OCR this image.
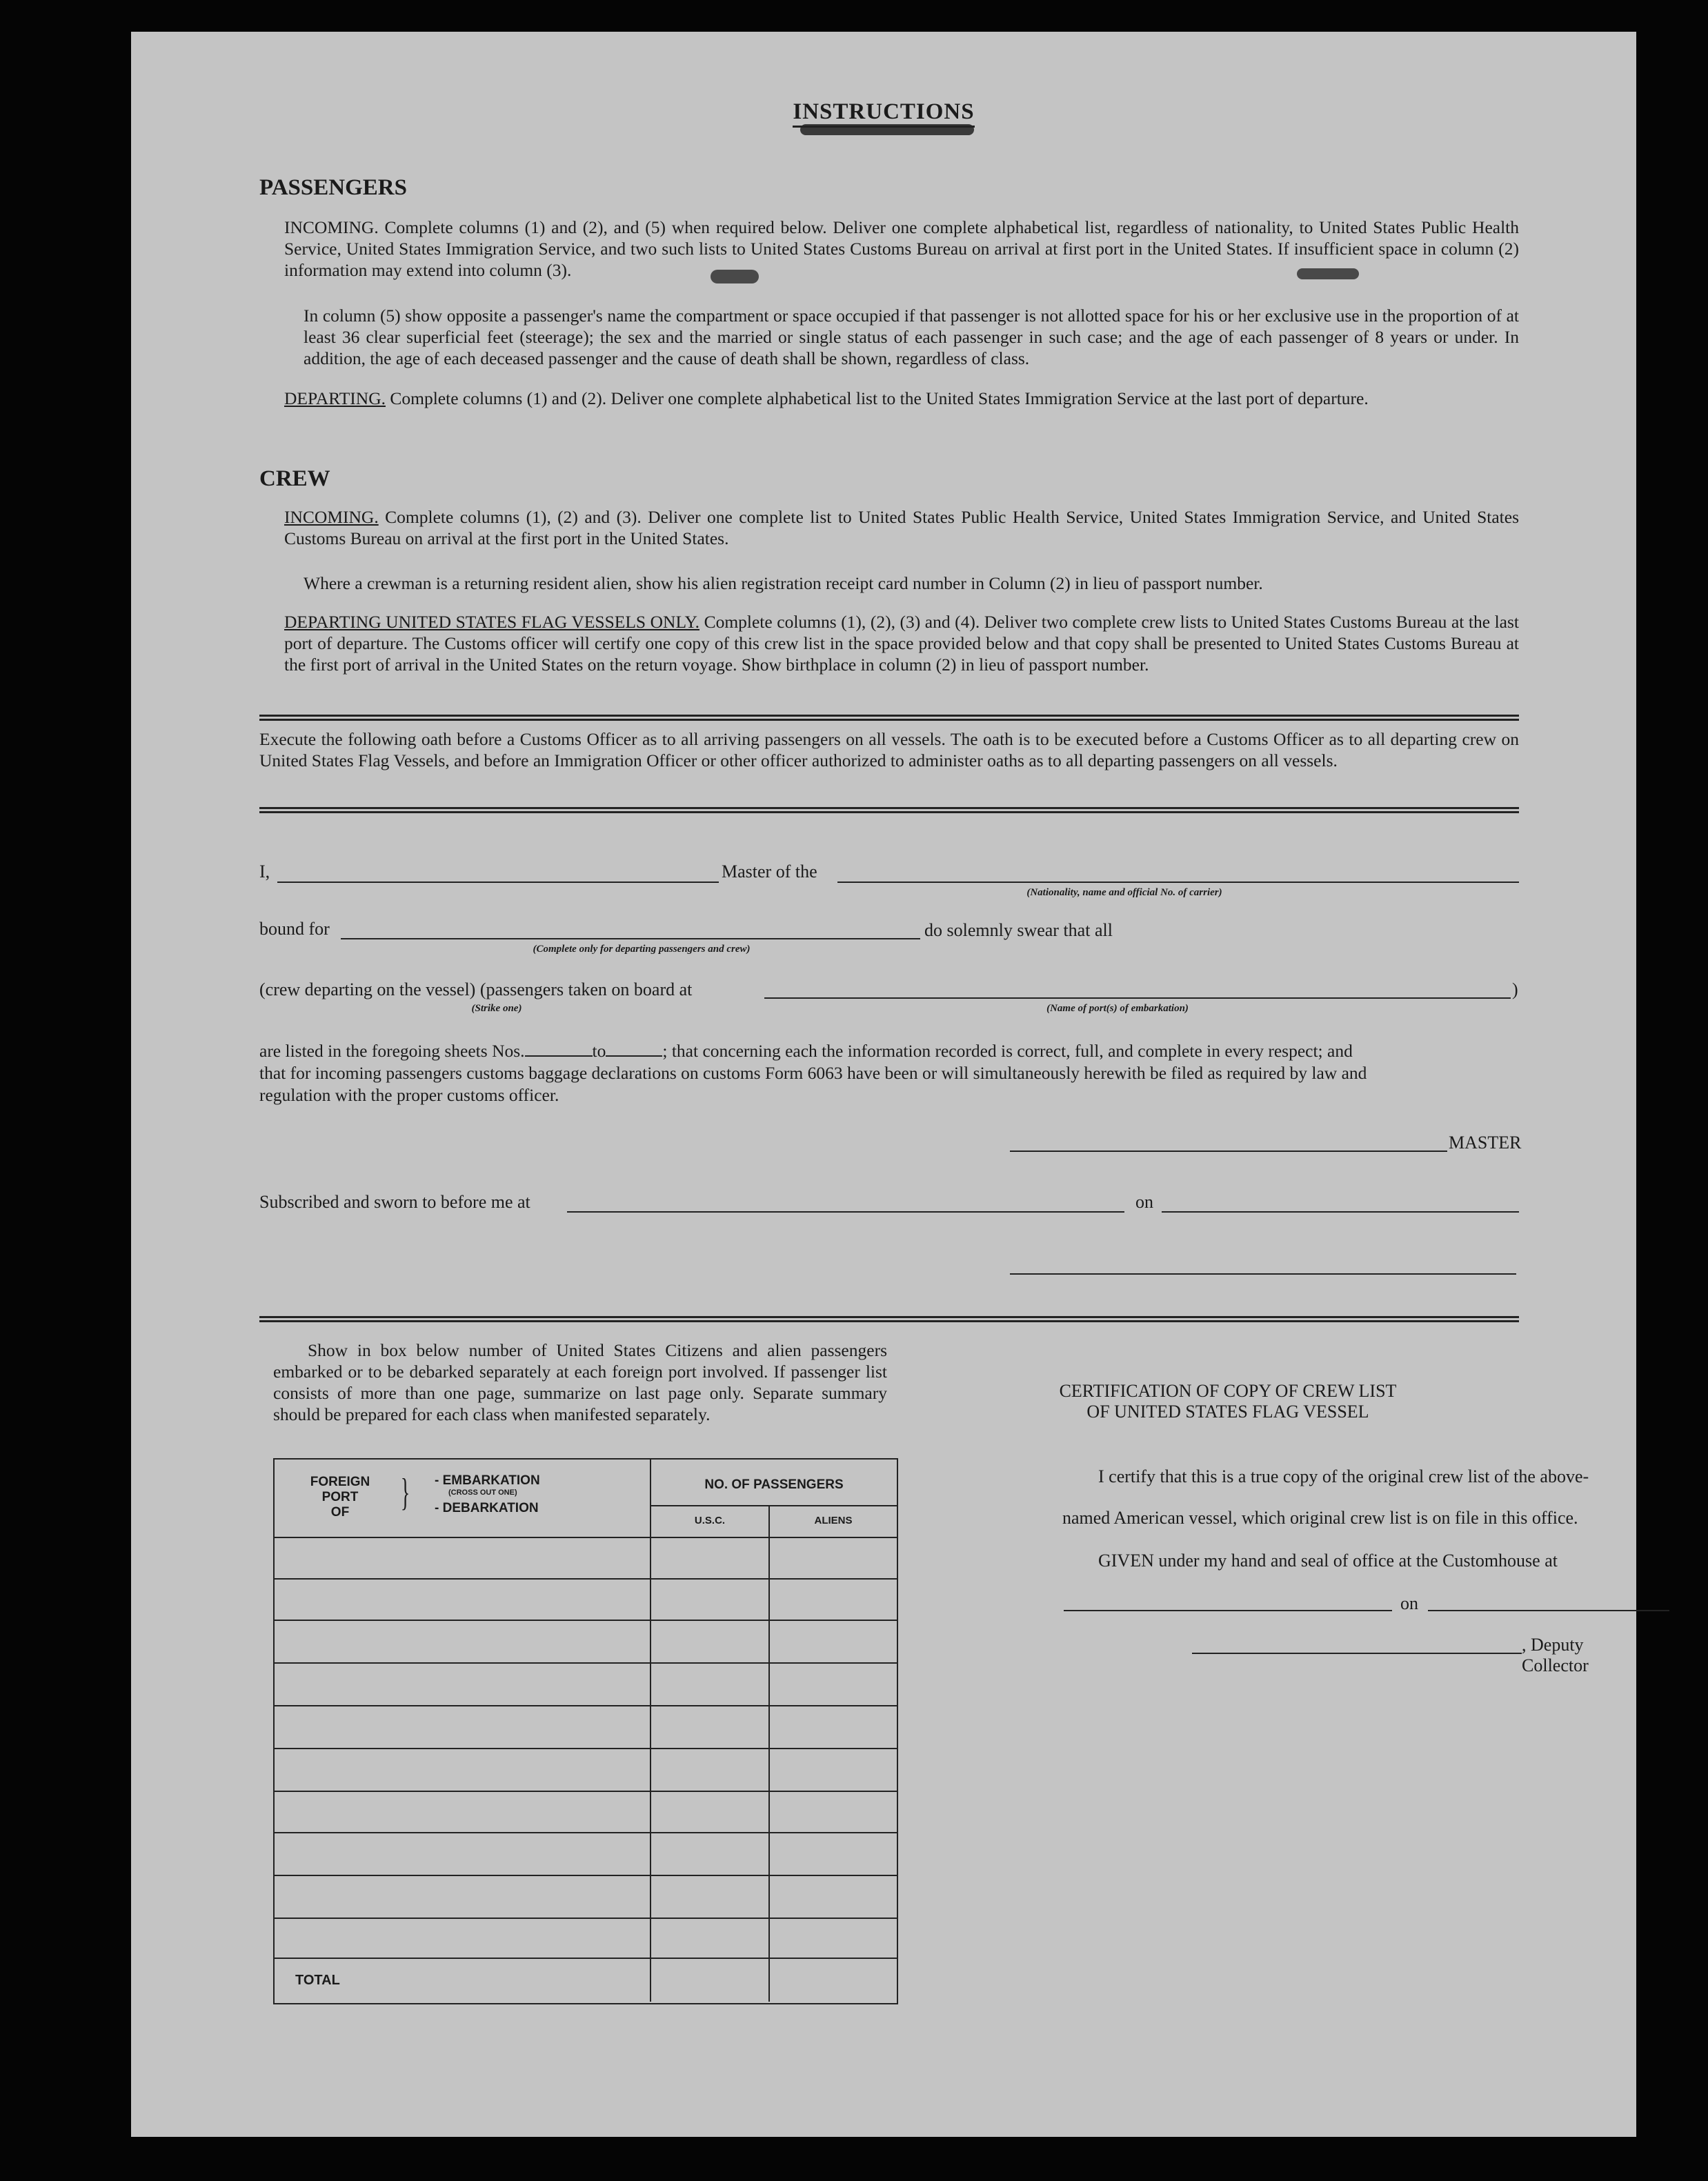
INSTRUCTIONS
PASSENGERS
INCOMING. Complete columns (1) and (2), and (5) when required below. Deliver one complete alphabetical list, regardless of nationality, to United States Public Health Service, United States Immigration Service, and two such lists to United States Customs Bureau on arrival at first port in the United States. If insufficient space in column (2) information may extend into column (3).
In column (5) show opposite a passenger's name the compartment or space occupied if that passenger is not allotted space for his or her exclusive use in the proportion of at least 36 clear superficial feet (steerage); the sex and the married or single status of each passenger in such case; and the age of each passenger of 8 years or under. In addition, the age of each deceased passenger and the cause of death shall be shown, regardless of class.
DEPARTING. Complete columns (1) and (2). Deliver one complete alphabetical list to the United States Immigration Service at the last port of departure.
CREW
INCOMING. Complete columns (1), (2) and (3). Deliver one complete list to United States Public Health Service, United States Immigration Service, and United States Customs Bureau on arrival at the first port in the United States.
Where a crewman is a returning resident alien, show his alien registration receipt card number in Column (2) in lieu of passport number.
DEPARTING UNITED STATES FLAG VESSELS ONLY. Complete columns (1), (2), (3) and (4). Deliver two complete crew lists to United States Customs Bureau at the last port of departure. The Customs officer will certify one copy of this crew list in the space provided below and that copy shall be presented to United States Customs Bureau at the first port of arrival in the United States on the return voyage. Show birthplace in column (2) in lieu of passport number.
Execute the following oath before a Customs Officer as to all arriving passengers on all vessels. The oath is to be executed before a Customs Officer as to all departing crew on United States Flag Vessels, and before an Immigration Officer or other officer authorized to administer oaths as to all departing passengers on all vessels.
I,	Master of the
(Nationality, name and official No. of carrier)
bound for
(Complete only for departing passengers and crew)
do solemnly swear that all
(crew departing on the vessel) (passengers taken on board at	)
(Strike one)	(Name of port(s) of embarkation)
are listed in the foregoing sheets Nos.	to	; that concerning each the information recorded is correct, full, and complete in every respect; and
that for incoming passengers customs baggage declarations on customs Form 6063 have been or will simultaneously herewith be filed as required by law and
regulation with the proper customs officer.
MASTER
Subscribed and sworn to before me at	on
Show in box below number of United States Citizens and alien passengers embarked or to be debarked separately at each foreign port involved. If passenger list consists of more than one page, summarize on last page only. Separate summary should be prepared for each class when manifested separately.
FOREIGN
PORT
OF	} - EMBARKATION
(CROSS OUT ONE)
- DEBARKATION
NO. OF PASSENGERS
U.S.C.	ALIENS
TOTAL
CERTIFICATION OF COPY OF CREW LIST
OF UNITED STATES FLAG VESSEL
I certify that this is a true copy of the original crew list of the above-
named American vessel, which original crew list is on file in this office.
GIVEN under my hand and seal of office at the Customhouse at
on
, Deputy Collector
